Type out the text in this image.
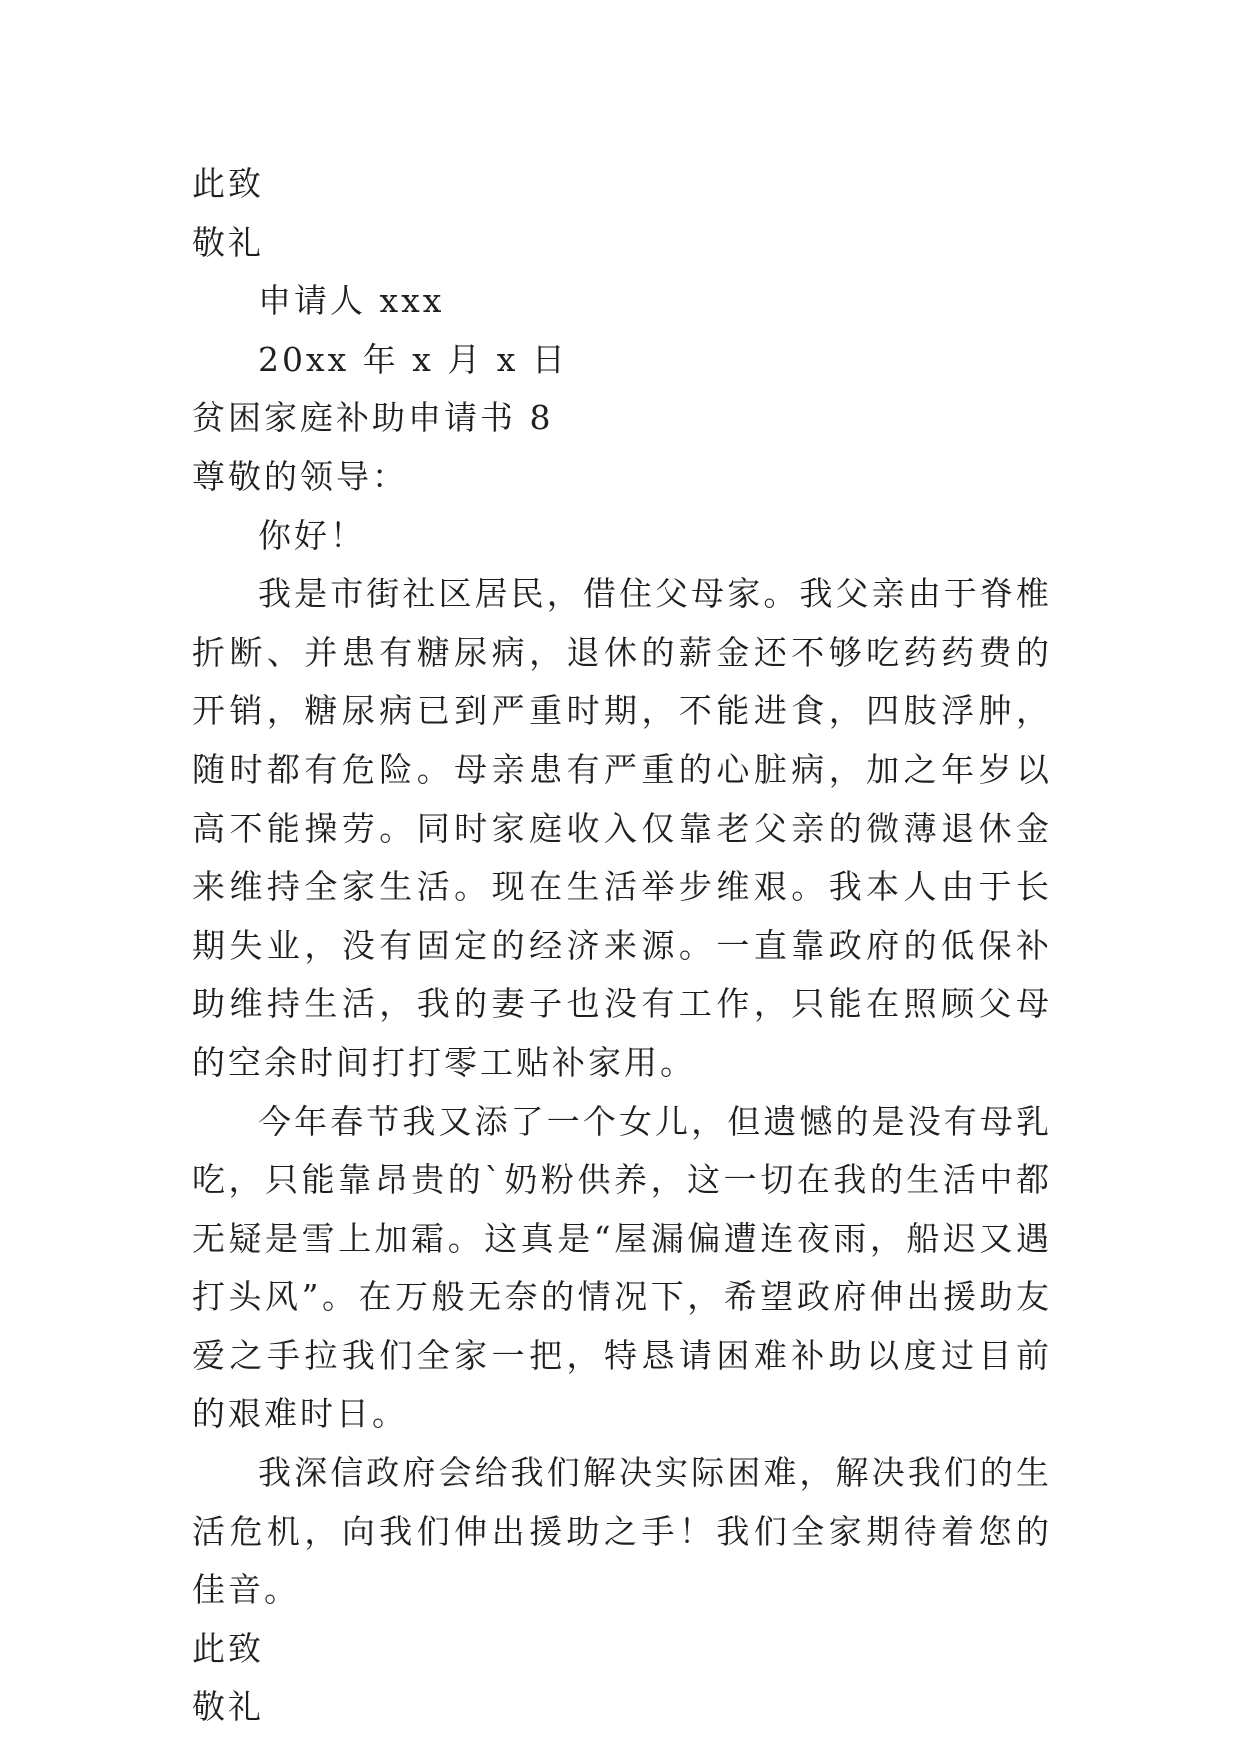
此致
敬礼
申请人 xxx
20xx 年 x 月 x 日
贫困家庭补助申请书 8
尊敬的领导：
你好！
我是市街社区居民，借住父母家。我父亲由于脊椎折断、并患有糖尿病，退休的薪金还不够吃药药费的开销，糖尿病已到严重时期，不能进食，四肢浮肿，随时都有危险。母亲患有严重的心脏病，加之年岁以高不能操劳。同时家庭收入仅靠老父亲的微薄退休金来维持全家生活。现在生活举步维艰。我本人由于长期失业，没有固定的经济来源。一直靠政府的低保补助维持生活，我的妻子也没有工作，只能在照顾父母的空余时间打打零工贴补家用。
今年春节我又添了一个女儿，但遗憾的是没有母乳吃，只能靠昂贵的`奶粉供养，这一切在我的生活中都无疑是雪上加霜。这真是“屋漏偏遭连夜雨，船迟又遇打头风”。在万般无奈的情况下，希望政府伸出援助友爱之手拉我们全家一把，特恳请困难补助以度过目前的艰难时日。
我深信政府会给我们解决实际困难，解决我们的生活危机，向我们伸出援助之手！我们全家期待着您的佳音。
此致
敬礼
